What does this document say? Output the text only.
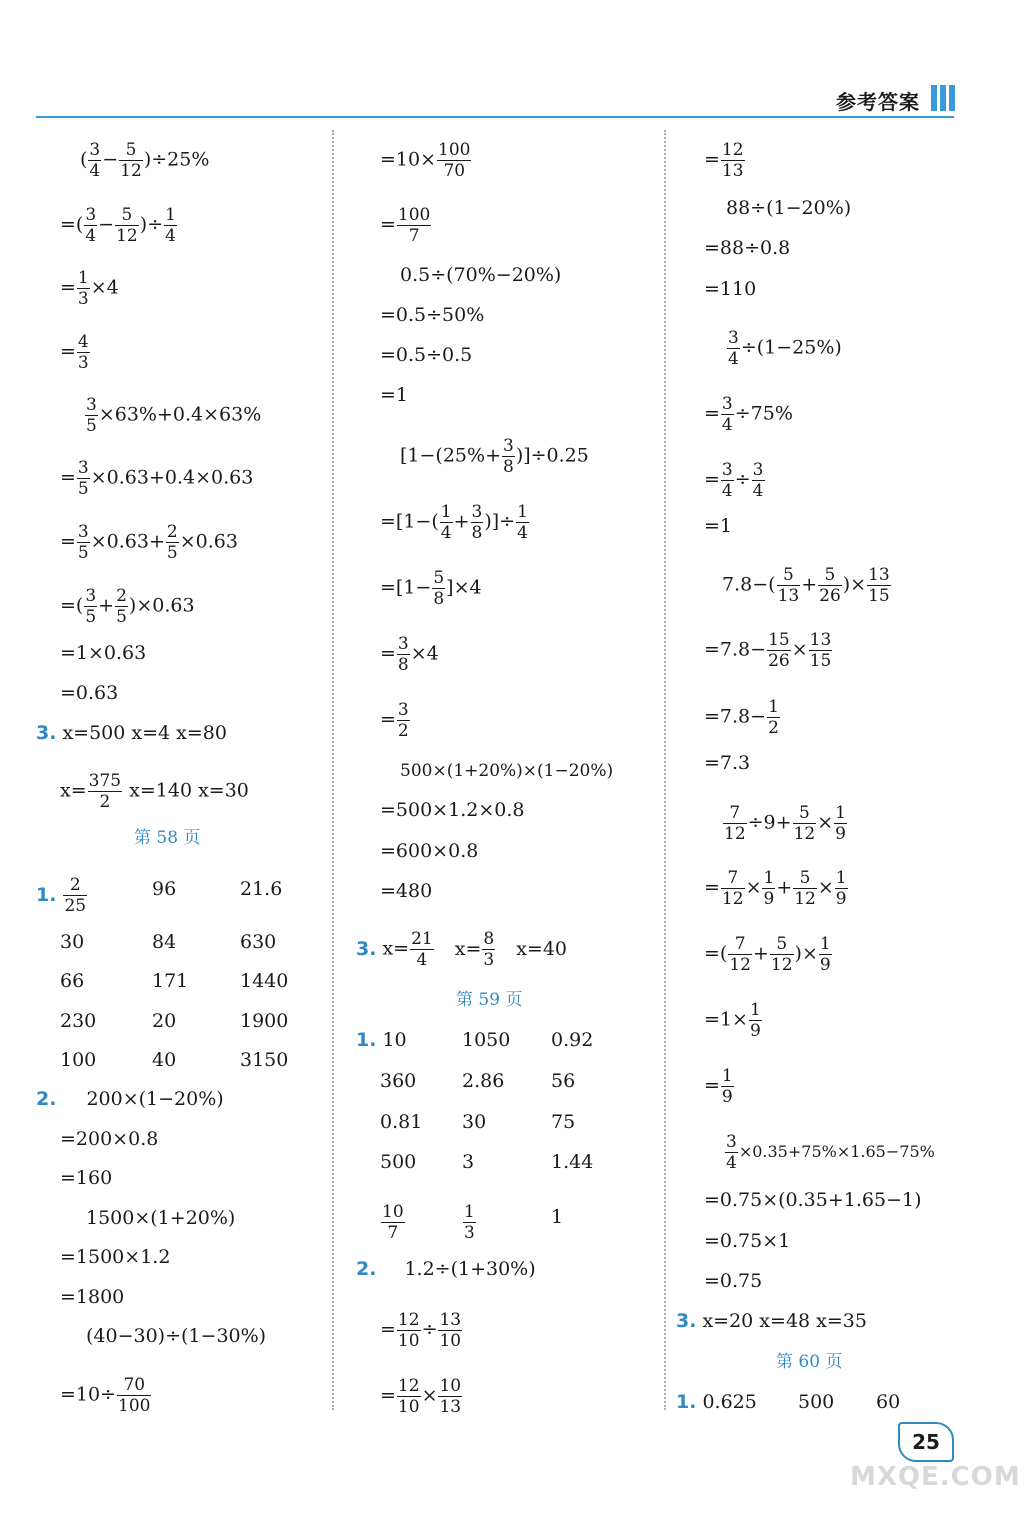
参考答案
( $\frac{3}{4} - \frac{5}{12} )\div 25\%$
=( $\frac{3}{4} - \frac{5}{12}$ )÷ $\frac{1}{4}$
= $\frac{1}{3} \times 4$
= $\frac{4}{3}$
$\frac{3}{5} \times 63\%+0.4\times 63\%$
= $\frac{3}{5} \times 0.63+0.4\times 0.63$
= $\frac{3}{5} \times 0.63+ \frac{2}{5} \times 0.63$
=( $\frac{3}{5} + \frac{2}{5} )\times 0.63$
=1×0.63
=0.63
3. x=500 x=4 x=80
$x= \frac{375}{2} x=140$ x=30
第 58 页
1. $\frac{2}{25}$	96	21.6
30	84	630
66	171	1440
230	20	1900
100	40	3150
2. 200×(1−20%)
=200×0.8
=160
1500×(1+20%)
=1500×1.2
=1800
(40−30)÷(1−30%)
$=10\div \frac{70}{100}$
$=10\times \frac{100}{70}$
= $\frac{100}{7}$
0.5÷(70%−20%)
=0.5÷50%
=0.5÷0.5
=1
$[1-(25\%+ \frac{3}{8} )]\div 0.25$
$=[1-( \frac{1}{4} + \frac{3}{8}$ )]÷ $\frac{1}{4}$
$=[1- \frac{5}{8} ]\times 4$
= $\frac{3}{8} \times 4$
= $\frac{3}{2}$
500×(1+20%)×(1−20%)
=500×1.2×0.8
=600×0.8
=480
3. $x= \frac{21}{4} x= \frac{8}{3} x=40$
第 59 页
1. 10	1050 0.92
360 2.86 56
0.81 30	75
500 3	1.44
$\frac{10}{7}$	$\frac{1}{3}$	1
2. 1.2÷(1+30%)
= $\frac{12}{10} \div \frac{13}{10}$
= $\frac{12}{10} \times \frac{10}{13}$
= $\frac{12}{13}$
88÷(1−20%)
=88÷0.8
=110
$\frac{3}{4} \div(1-25\%)$
= $\frac{3}{4} \div 75\%$
= $\frac{3}{4} \div \frac{3}{4}$
=1
$7.8-( \frac{5}{13} + \frac{5}{26}$ )× $\frac{13}{15}$
$=7.8- \frac{15}{26} \times \frac{13}{15}$
$=7.8- \frac{1}{2}$
=7.3
$\frac{7}{12} \div 9+ \frac{5}{12} \times \frac{1}{9}$
= $\frac{7}{12} \times \frac{1}{9} + \frac{5}{12} \times \frac{1}{9}$
=( $\frac{7}{12} + \frac{5}{12}$ )× $\frac{1}{9}$
$=1\times \frac{1}{9}$
= $\frac{1}{9}$
$\frac{3}{4} \times 0.35+75\%\times 1.65-75\%$
=0.75×(0.35+1.65−1)
=0.75×1
=0.75
3. x=20 x=48 x=35
第 60 页
1. 0.625 500 60
25
MXQE.COM
